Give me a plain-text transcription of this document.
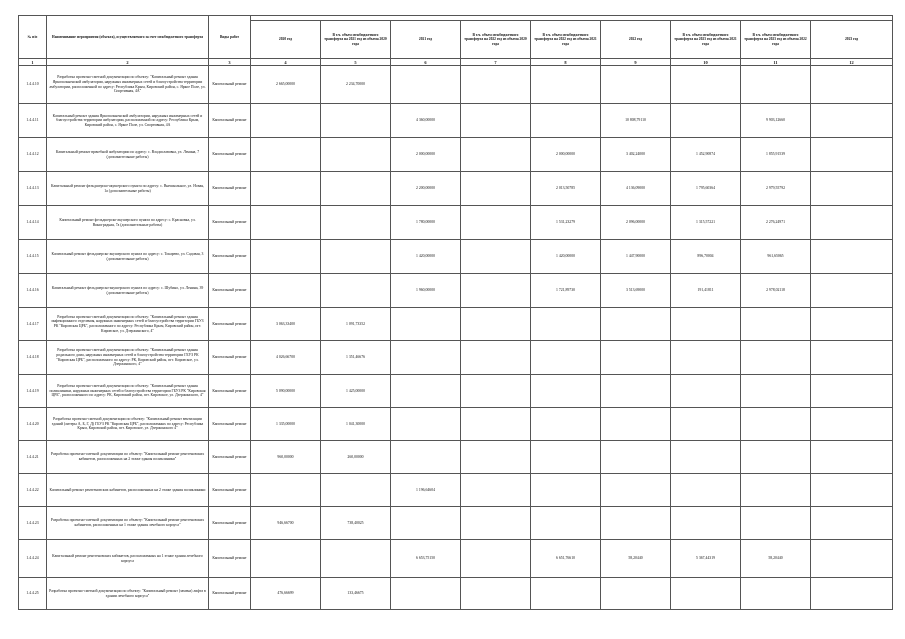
№ п/п	Наименование мероприятия (объекта), осуществляемого за счет межбюджетного трансферта	Виды работ									
			2020 год	В т.ч. объем межбюджетного трансферта на 2021 год из объема 2020 года	2021 год	В т.ч. объем межбюджетного трансферта на 2022 год из объема 2020 года	В т.ч. объем межбюджетного трансферта на 2022 год из объема 2021 года	2022 год	В т.ч. объем межбюджетного трансферта на 2023 год из объема 2021 года	В т.ч. объем межбюджетного трансферта на 2023 год из объема 2022 года	2023 год
1	2	3	4	5	6	7	8	9	10	11	12
1.4.4.10	Разработка проектно-сметной документации по объекту: "Капитальный ремонт здания Яркопольненской амбулатории, наружных инженерных сетей и благоустройства территории амбулатории, расположенной по адресу: Республика Крым, Кировский район, с. Яркое Поле, ул. Спортивная, 4А"	Капитальный ремонт	2 665,00000	2 234,70000							
1.4.4.11	Капитальный ремонт здания Яркопольненской амбулатории, наружных инженерных сетей и благоустройства территории амбулатории, расположенной по адресу: Республика Крым, Кировский район, с. Яркое Поле, ул. Спортивная, 4А	Капитальный ремонт			4 360,00000			10 808,79110		9 903,12660	
1.4.4.12	Капитальный ремонт врачебной амбулатории по адресу: с. Владиславовка, ул. Ленина, 7 (дополнительные работы)	Капитальный ремонт			2 000,00000		2 000,00000	3 402,24000	1 452,90874	1 855,91539	
1.4.4.13	Капитальный ремонт фельдшерско-акушерского пункта по адресу: с. Внешкольное, ул. Новая, 1а (дополнительные работы)	Капитальный ремонт			2 200,00000		2 013,50785	4 136,09000	1 795,60364	2 979,55792	
1.4.4.14	Капитальный ремонт фельдшерско-акушерского пункта по адресу: с. Красновка, ул. Виноградная, 7а (дополнительные работы)	Капитальный ремонт			1 780,00000		1 531,23279	2 096,00000	1 315,57221	2 276,24971	
1.4.4.15	Капитальный ремонт фельдшерско-акушерского пункта по адресу: с. Токарево, ул. Садовая, 3 (дополнительные работы)	Капитальный ремонт			1 420,00000		1 420,00000	1 447,90000	896,70004	961,65065	
1.4.4.16	Капитальный ремонт фельдшерско-акушерского пункта по адресу: с. Шубино, ул. Ленина, 39 (дополнительные работы)	Капитальный ремонт			1 960,00000		1 721,89730	3 513,69000	191,41811	2 978,02118	
1.4.4.17	Разработка проектно-сметной документации по объекту: "Капитальный ремонт здания инфекционного отделения, наружных инженерных сетей и благоустройства территории ГБУЗ РК "Кировская ЦРБ", расположенного по адресу: Республика Крым, Кировский район, пгт. Кировское, ул. Дзержинского, 4"	Капитальный ремонт	3 063,33400	1 091,73352							
1.4.4.18	Разработка проектно-сметной документации по объекту: "Капитальный ремонт здания родильного дома, наружных инженерных сетей и благоустройства территории ГБУЗ РК "Кировская ЦРБ", расположенного по адресу: РК, Кировский район, пгт. Кировское, ул. Дзержинского, 4"	Капитальный ремонт	4 026,66700	1 351,46676							
1.4.4.19	Разработка проектно-сметной документации по объекту: "Капитальный ремонт здания поликлиники, наружных инженерных сетей и благоустройства территории ГБУЗ РК "Кировская ЦРБ", расположенного по адресу: РК, Кировский район, пгт. Кировское, ул. Дзержинского, 4"	Капитальный ремонт	5 090,00000	1 425,00000							
1.4.4.20	Разработка проектно-сметной документации по объекту: "Капитальный ремонт вентиляции зданий (литеры А, Б, Г, Д) ГБУЗ РК "Кировская ЦРБ", расположенных по адресу: Республика Крым, Кировский район, пгт. Кировское, ул. Дзержинского 4"	Капитальный ремонт	1 335,00000	1 041,30000							
1.4.4.21	Разработка проектно-сметной документации по объекту: "Капитальный ремонт рентгеновских кабинетов, расположенных на 2 этаже здания поликлиники"	Капитальный ремонт	960,00000	260,00000							
1.4.4.22	Капитальный ремонт рентгеновских кабинетов, расположенных на 2 этаже здания поликлиники	Капитальный ремонт			1 196,64604						
1.4.4.23	Разработка проектно-сметной документации по объекту: "Капитальный ремонт рентгеновских кабинетов, расположенных на 1 этаже здания лечебного корпуса"	Капитальный ремонт	946,66700	738,40025							
1.4.4.24	Капитальный ремонт рентгеновских кабинетов, расположенных на 1 этаже здания лечебного корпуса	Капитальный ремонт			6 653,75150		6 651,76610	58,20440	5 367,44319	58,20440	
1.4.4.25	Разработка проектно-сметной документации по объекту: "Капитальный ремонт (замена) лифта в здании лечебного корпуса"	Капитальный ремонт	476,66699	133,46675							
